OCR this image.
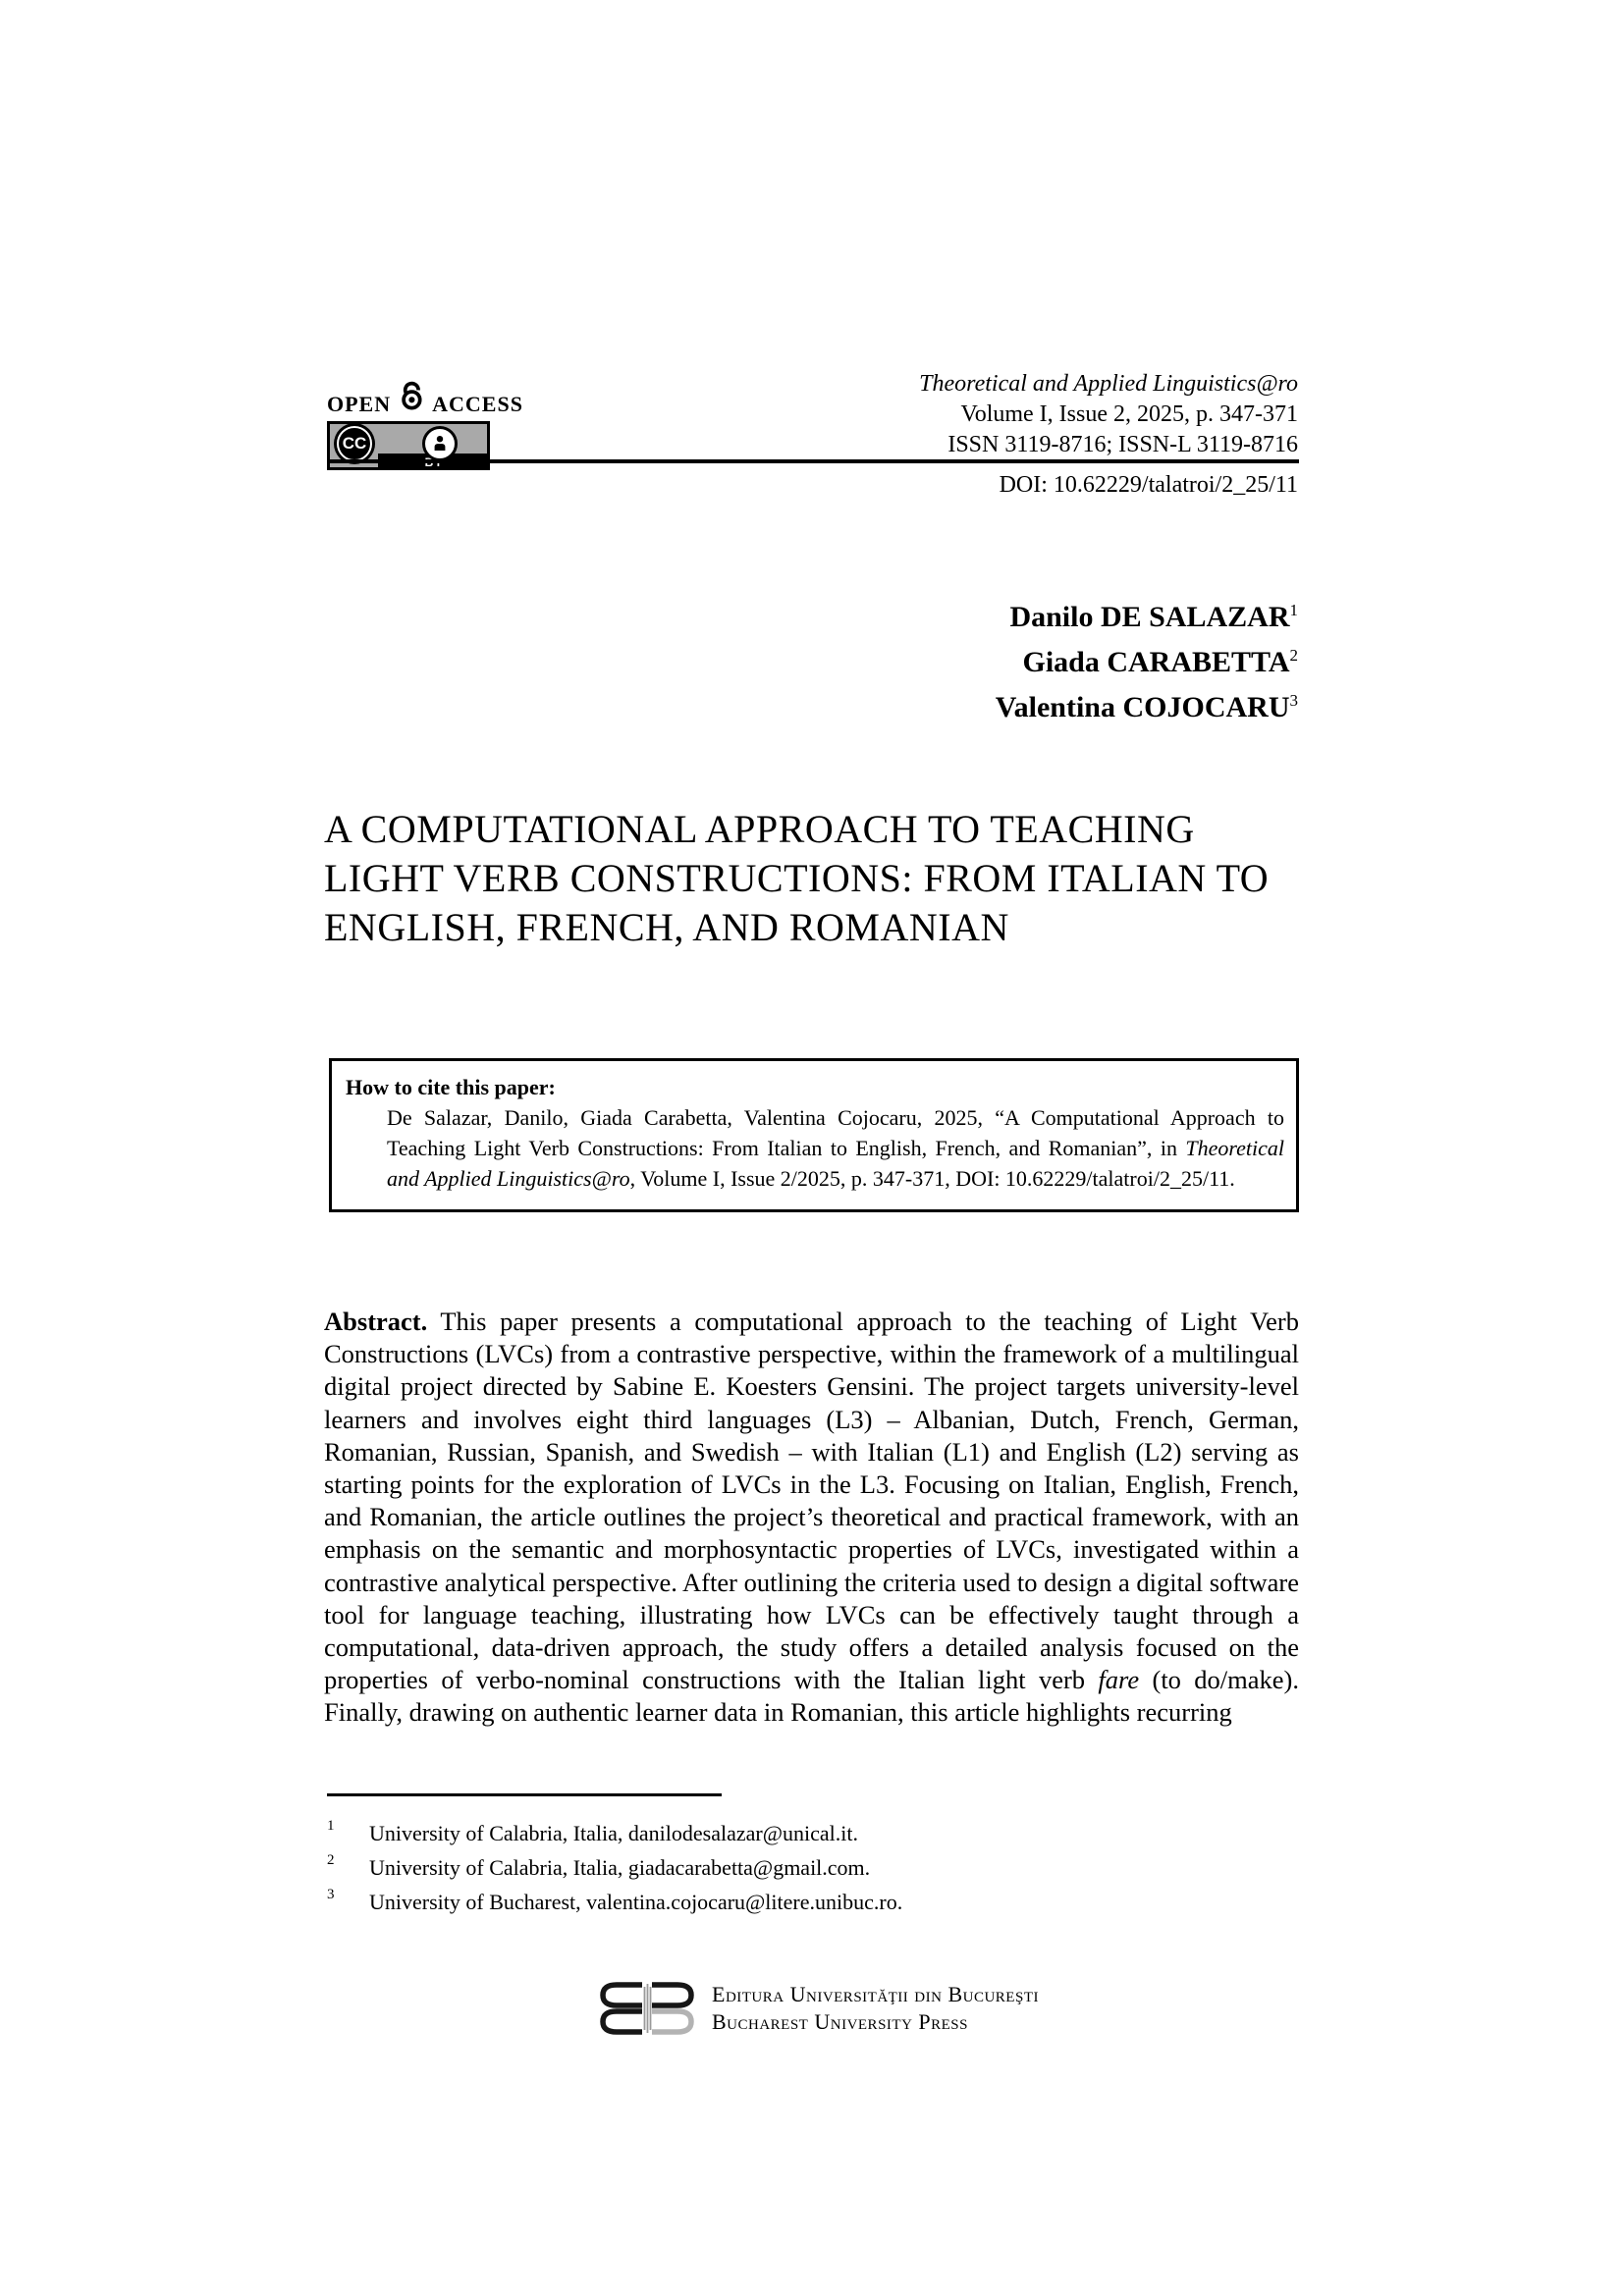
OPEN ACCESS
CC
Theoretical and Applied Linguistics@ro
Volume I, Issue 2, 2025, p. 347-371
ISSN 3119-8716; ISSN-L 3119-8716
DOI: 10.62229/talatroi/2_25/11
Danilo DE SALAZAR$^1$
Giada CARABETTA$^2$
Valentina COJOCARU$^3$
A COMPUTATIONAL APPROACH TO TEACHING
LIGHT VERB CONSTRUCTIONS: FROM ITALIAN TO
ENGLISH, FRENCH, AND ROMANIAN
How to cite this paper:

De Salazar, Danilo, Giada Carabetta, Valentina Cojocaru, 2025, “A Computational Approach to Teaching Light Verb Constructions: From Italian to English, French, and Romanian”, in Theoretical and Applied Linguistics@ro, Volume I, Issue 2/2025, p. 347-371, DOI: 10.62229/talatroi/2_25/11.

Abstract. This paper presents a computational approach to the teaching of Light Verb Constructions (LVCs) from a contrastive perspective, within the framework of a multilingual digital project directed by Sabine E. Koesters Gensini. The project targets university-level learners and involves eight third languages (L3) – Albanian, Dutch, French, German, Romanian, Russian, Spanish, and Swedish – with Italian (L1) and English (L2) serving as starting points for the exploration of LVCs in the L3. Focusing on Italian, English, French, and Romanian, the article outlines the project’s theoretical and practical framework, with an emphasis on the semantic and morphosyntactic properties of LVCs, investigated within a contrastive analytical perspective. After outlining the criteria used to design a digital software tool for language teaching, illustrating how LVCs can be effectively taught through a computational, data-driven approach, the study offers a detailed analysis focused on the properties of verbo-nominal constructions with the Italian light verb fare (to do/make). Finally, drawing on authentic learner data in Romanian, this article highlights recurring

1	University of Calabria, Italia, danilodesalazar@unical.it.
2	University of Calabria, Italia, giadacarabetta@gmail.com.
3	University of Bucharest, valentina.cojocaru@litere.unibuc.ro.
Editura Universităţii din Bucureşti
Bucharest University Press
